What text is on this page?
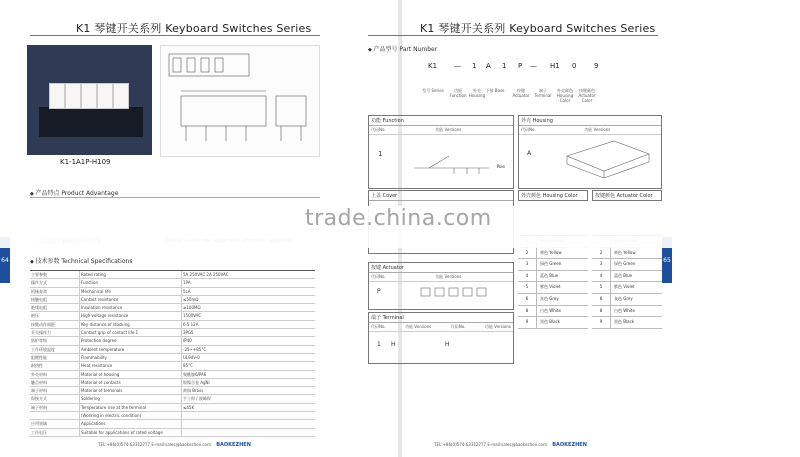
K1 琴键开关系列 Keyboard Switches Series
K1-1A1P-H109
◆ 产品特点 Product Advantage
◆ 技术参数 Technical Specifications
主要参数	Rated rating	5A 250VAC 2A 250VAC
操作方式	Function	1PA
机械寿命	Mechanical life	5LA
接触电阻	Contact resistance	≤50mΩ
绝缘电阻	Insulation resistance	≥100MΩ
耐压	High-voltage resistance	1500VAC
按键动作间距	Key distance of stocking	6.5 12A
开关操作力	Contact grip of contact life 1	3PG5
防护等级	Protection degree	IP40
工作环境温度	Ambient temperature	-25~+85°C
阻燃性能	Flammability	UL94V-0
耐热性	Heat resistance	85°C
外壳材料	Material of housing	聚酰胺6/PA6
触点材料	Material of contacts	银镍合金 AgNi
端子材料	Material of terminals	黄铜 Brass
焊接方式	Soldering	手工焊 / 波峰焊
端子材料	Temperature rise at the terminal	≤45K
(Working in electric condition)
应用领域	Applications
工作电压	Suitable for applications of rated voltage
TEL:+86(0)574-63312777 E-mail:sales@baokezhen.com BAOKEZHEN
64
K1 琴键开关系列 Keyboard Switches Series
◆ 产品型号 Part Number
K1 — 1 A 1 P — H1 0	9
型号 Series	功能 Function
外壳 Housing
下接 Base	按键 Actuator
端子 Terminal
外壳颜色 Housing Color
按键颜色 Actuator Color
功能 Function
代码No.	功能 Versions
1
Pole
外壳 Housing
代码No.	功能 Versions
A
上盖 Cover
按键 Actuator
代码No.	功能 Versions
P
端子 Terminal
代码No.	功能 Versions	代码No.	功能 Versions
1 H	H
外壳颜色 Housing Color
2	黄色 Yellow
3	绿色 Green
4	蓝色 Blue
5	紫色 Violet
6	灰色 Grey
8	白色 White
9	黑色 Black
按键颜色 Actuator Color
2	黄色 Yellow
3	绿色 Green
4	蓝色 Blue
5	紫色 Violet
6	灰色 Grey
8	白色 White
9	黑色 Black
TEL:+86(0)574-63312777 E-mail:sales@baokezhen.com BAOKEZHEN
65
trade.china.com
